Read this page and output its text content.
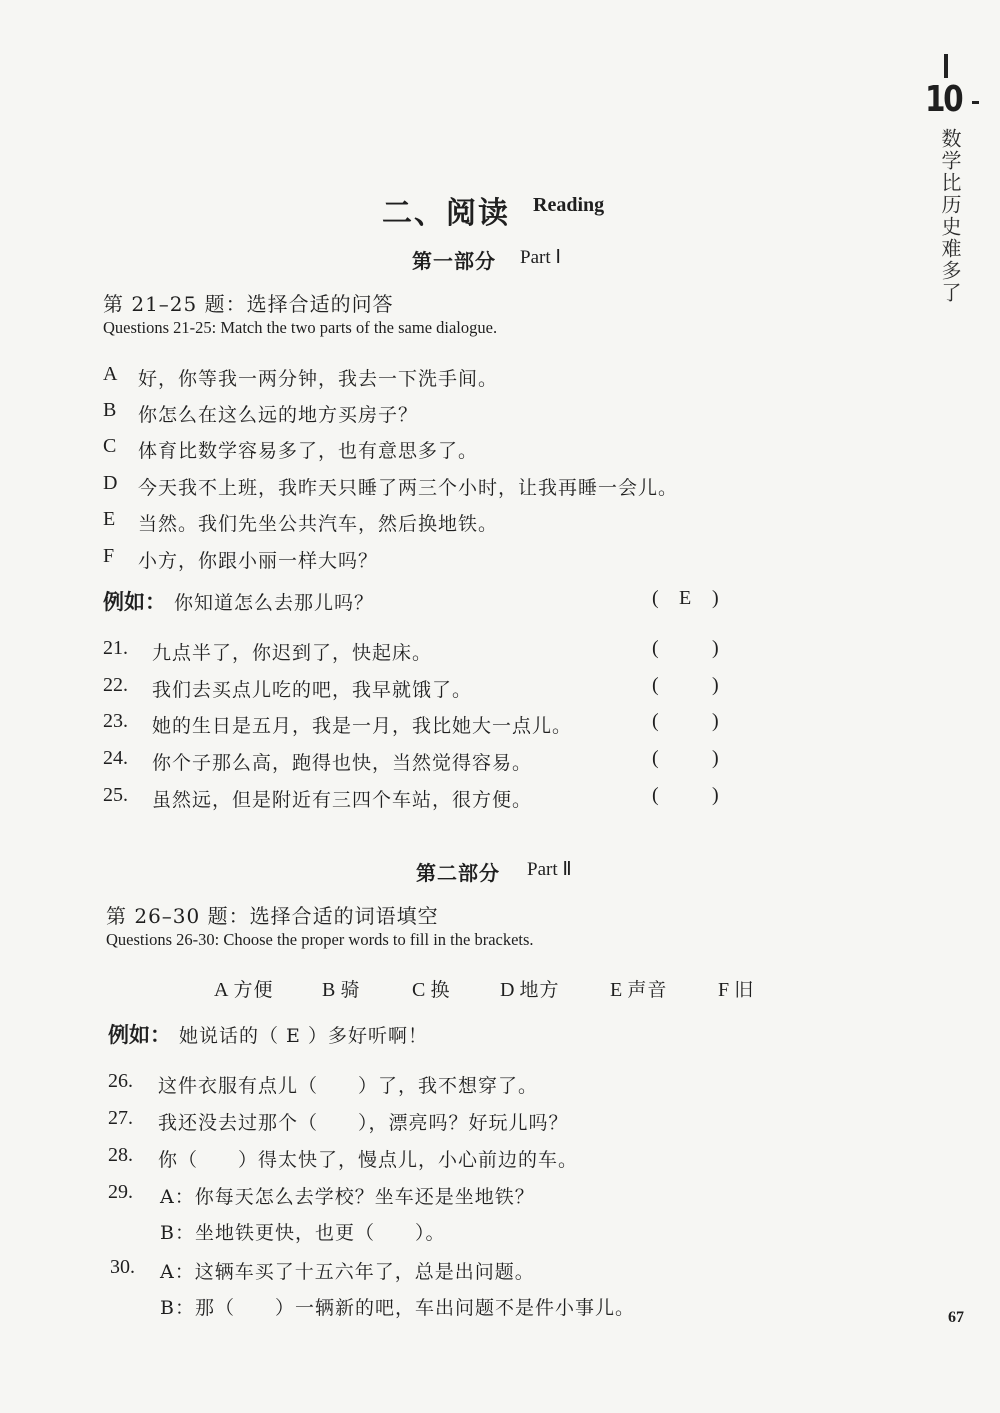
10
数学比历史难多了
二、阅读 Reading
第一部分 Part Ⅰ
第 21–25 题：选择合适的问答
Questions 21-25: Match the two parts of the same dialogue.
A 好，你等我一两分钟，我去一下洗手间。
B 你怎么在这么远的地方买房子？
C 体育比数学容易多了，也有意思多了。
D 今天我不上班，我昨天只睡了两三个小时，让我再睡一会儿。
E 当然。我们先坐公共汽车，然后换地铁。
F 小方，你跟小丽一样大吗？
例如： 你知道怎么去那儿吗？	( E )
21. 九点半了，你迟到了，快起床。	(	)
22. 我们去买点儿吃的吧，我早就饿了。	(	)
23. 她的生日是五月，我是一月，我比她大一点儿。	(	)
24. 你个子那么高，跑得也快，当然觉得容易。	(	)
25. 虽然远，但是附近有三四个车站，很方便。	(	)
第二部分 Part Ⅱ
第 26–30 题：选择合适的词语填空
Questions 26-30: Choose the proper words to fill in the brackets.
A 方便 B 骑	C 换 D 地方	E 声音	F 旧
例如： 她说话的（ E ）多好听啊！
26. 这件衣服有点儿（　　）了，我不想穿了。
27. 我还没去过那个（　　），漂亮吗？好玩儿吗？
28. 你（　　）得太快了，慢点儿，小心前边的车。
29. A：你每天怎么去学校？坐车还是坐地铁？
B：坐地铁更快，也更（　　）。
30. A：这辆车买了十五六年了，总是出问题。
B：那（　　）一辆新的吧，车出问题不是件小事儿。	67
